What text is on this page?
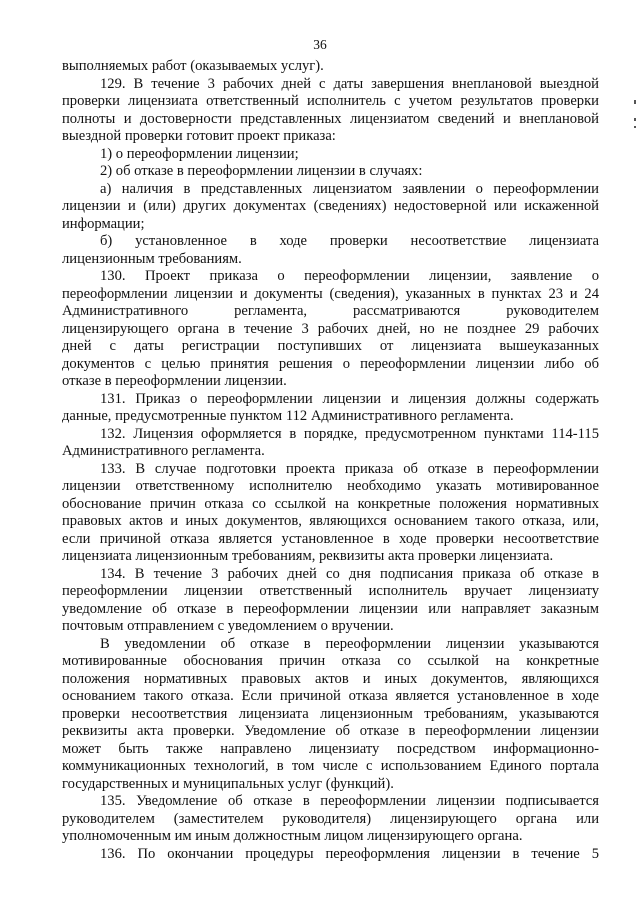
36

выполняемых работ (оказываемых услуг).

129. В течение 3 рабочих дней с даты завершения внеплановой выездной

проверки лицензиата ответственный исполнитель с учетом результатов проверки

полноты и достоверности представленных лицензиатом сведений и внеплановой

выездной проверки готовит проект приказа:

1) о переоформлении лицензии;

2) об отказе в переоформлении лицензии в случаях:

а) наличия в представленных лицензиатом заявлении о переоформлении

лицензии и (или) других документах (сведениях) недостоверной или искаженной

информации;

б) установленное в ходе проверки несоответствие лицензиата

лицензионным требованиям.

130. Проект приказа о переоформлении лицензии, заявление о

переоформлении лицензии и документы (сведения), указанных в пунктах 23 и 24

Административного регламента, рассматриваются руководителем

лицензирующего органа в течение 3 рабочих дней, но не позднее 29 рабочих

дней с даты регистрации поступивших от лицензиата вышеуказанных

документов с целью принятия решения о переоформлении лицензии либо об

отказе в переоформлении лицензии.

131. Приказ о переоформлении лицензии и лицензия должны содержать

данные, предусмотренные пунктом 112 Административного регламента.

132. Лицензия оформляется в порядке, предусмотренном пунктами 114-115

Административного регламента.

133. В случае подготовки проекта приказа об отказе в переоформлении

лицензии ответственному исполнителю необходимо указать мотивированное

обоснование причин отказа со ссылкой на конкретные положения нормативных

правовых актов и иных документов, являющихся основанием такого отказа, или,

если причиной отказа является установленное в ходе проверки несоответствие

лицензиата лицензионным требованиям, реквизиты акта проверки лицензиата.

134. В течение 3 рабочих дней со дня подписания приказа об отказе в

переоформлении лицензии ответственный исполнитель вручает лицензиату

уведомление об отказе в переоформлении лицензии или направляет заказным

почтовым отправлением с уведомлением о вручении.

В уведомлении об отказе в переоформлении лицензии указываются

мотивированные обоснования причин отказа со ссылкой на конкретные

положения нормативных правовых актов и иных документов, являющихся

основанием такого отказа. Если причиной отказа является установленное в ходе

проверки несоответствия лицензиата лицензионным требованиям, указываются

реквизиты акта проверки. Уведомление об отказе в переоформлении лицензии

может быть также направлено лицензиату посредством информационно-

коммуникационных технологий, в том числе с использованием Единого портала

государственных и муниципальных услуг (функций).

135. Уведомление об отказе в переоформлении лицензии подписывается

руководителем (заместителем руководителя) лицензирующего органа или

уполномоченным им иным должностным лицом лицензирующего органа.

136. По окончании процедуры переоформления лицензии в течение 5
